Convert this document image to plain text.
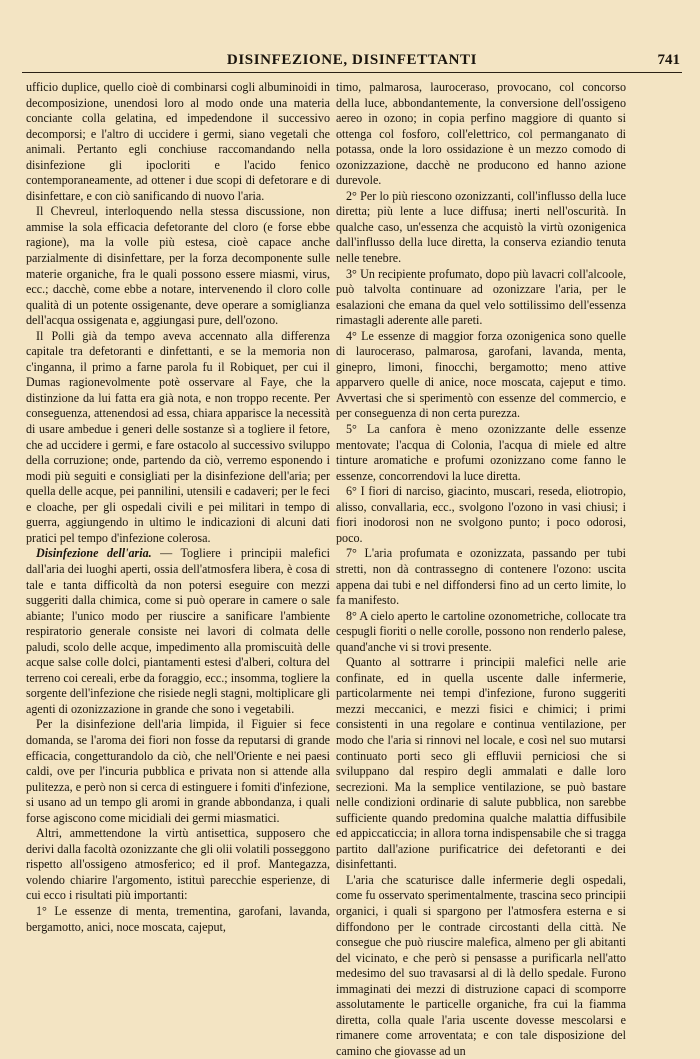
DISINFEZIONE, DISINFETTANTI	741

ufficio duplice, quello cioè di combinarsi cogli albuminoidi in decomposizione, unendosi loro al modo onde una materia conciante colla gelatina, ed impedendone il successivo decomporsi; e l'altro di uccidere i germi, siano vegetali che animali. Pertanto egli conchiuse raccomandando nella disinfezione gli ipocloriti e l'acido fenico contemporaneamente, ad ottener i due scopi di defetorare e di disinfettare, e con ciò sanificando di nuovo l'aria.

Il Chevreul, interloquendo nella stessa discussione, non ammise la sola efficacia defetorante del cloro (e forse ebbe ragione), ma la volle più estesa, cioè capace anche parzialmente di disinfettare, per la forza decomponente sulle materie organiche, fra le quali possono essere miasmi, virus, ecc.; dacchè, come ebbe a notare, intervenendo il cloro colle qualità di un potente ossigenante, deve operare a somiglianza dell'acqua ossigenata e, aggiungasi pure, dell'ozono.

Il Polli già da tempo aveva accennato alla differenza capitale tra defetoranti e dinfettanti, e se la memoria non c'inganna, il primo a farne parola fu il Robiquet, per cui il Dumas ragionevolmente potè osservare al Faye, che la distinzione da lui fatta era già nota, e non troppo recente. Per conseguenza, attenendosi ad essa, chiara apparisce la necessità di usare ambedue i generi delle sostanze sì a togliere il fetore, che ad uccidere i germi, e fare ostacolo al successivo sviluppo della corruzione; onde, partendo da ciò, verremo esponendo i modi più seguiti e consigliati per la disinfezione dell'aria; per quella delle acque, pei pannilini, utensili e cadaveri; per le feci e cloache, per gli ospedali civili e pei militari in tempo di guerra, aggiungendo in ultimo le indicazioni di alcuni dati pratici pel tempo d'infezione colerosa.

Disinfezione dell'aria. — Togliere i principii malefici dall'aria dei luoghi aperti, ossia dell'atmosfera libera, è cosa di tale e tanta difficoltà da non potersi eseguire con mezzi suggeriti dalla chimica, come si può operare in camere o sale abiante; l'unico modo per riuscire a sanificare l'ambiente respiratorio generale consiste nei lavori di colmata delle paludi, scolo delle acque, impedimento alla promiscuità delle acque salse colle dolci, piantamenti estesi d'alberi, coltura del terreno coi cereali, erbe da foraggio, ecc.; insomma, togliere la sorgente dell'infezione che risiede negli stagni, moltiplicare gli agenti di ozonizzazione in grande che sono i vegetabili.

Per la disinfezione dell'aria limpida, il Figuier si fece domanda, se l'aroma dei fiori non fosse da reputarsi di grande efficacia, congetturandolo da ciò, che nell'Oriente e nei paesi caldi, ove per l'incuria pubblica e privata non si attende alla pulitezza, e però non si cerca di estinguere i fomiti d'infezione, si usano ad un tempo gli aromi in grande abbondanza, i quali forse agiscono come micidiali dei germi miasmatici.

Altri, ammettendone la virtù antisettica, supposero che derivi dalla facoltà ozonizzante che gli olii volatili posseggono rispetto all'ossigeno atmosferico; ed il prof. Mantegazza, volendo chiarire l'argomento, istituì parecchie esperienze, di cui ecco i risultati più importanti:

1° Le essenze di menta, trementina, garofani, lavanda, bergamotto, anici, noce moscata, cajeput,

timo, palmarosa, lauroceraso, provocano, col concorso della luce, abbondantemente, la conversione dell'ossigeno aereo in ozono; in copia perfino maggiore di quanto si ottenga col fosforo, coll'elettrico, col permanganato di potassa, onde la loro ossidazione è un mezzo comodo di ozonizzazione, dacchè ne producono ed hanno azione durevole.

2° Per lo più riescono ozonizzanti, coll'influsso della luce diretta; più lente a luce diffusa; inerti nell'oscurità. In qualche caso, un'essenza che acquistò la virtù ozonigenica dall'influsso della luce diretta, la conserva eziandio tenuta nelle tenebre.

3° Un recipiente profumato, dopo più lavacri coll'alcoole, può talvolta continuare ad ozonizzare l'aria, per le esalazioni che emana da quel velo sottilissimo dell'essenza rimastagli aderente alle pareti.

4° Le essenze di maggior forza ozonigenica sono quelle di lauroceraso, palmarosa, garofani, lavanda, menta, ginepro, limoni, finocchi, bergamotto; meno attive apparvero quelle di anice, noce moscata, cajeput e timo. Avvertasi che si sperimentò con essenze del commercio, e per conseguenza di non certa purezza.

5° La canfora è meno ozonizzante delle essenze mentovate; l'acqua di Colonia, l'acqua di miele ed altre tinture aromatiche e profumi ozonizzano come fanno le essenze, concorrendovi la luce diretta.

6° I fiori di narciso, giacinto, muscari, reseda, eliotropio, alisso, convallaria, ecc., svolgono l'ozono in vasi chiusi; i fiori inodorosi non ne svolgono punto; i poco odorosi, poco.

7° L'aria profumata e ozonizzata, passando per tubi stretti, non dà contrassegno di contenere l'ozono: uscita appena dai tubi e nel diffondersi fino ad un certo limite, lo fa manifesto.

8° A cielo aperto le cartoline ozonometriche, collocate tra cespugli fioriti o nelle corolle, possono non renderlo palese, quand'anche vi si trovi presente.

Quanto al sottrarre i principii malefici nelle arie confinate, ed in quella uscente dalle infermerie, particolarmente nei tempi d'infezione, furono suggeriti mezzi meccanici, e mezzi fisici e chimici; i primi consistenti in una regolare e continua ventilazione, per modo che l'aria si rinnovi nel locale, e così nel suo mutarsi continuato porti seco gli effluvii perniciosi che si sviluppano dal respiro degli ammalati e dalle loro secrezioni. Ma la semplice ventilazione, se può bastare nelle condizioni ordinarie di salute pubblica, non sarebbe sufficiente quando predomina qualche malattia diffusibile ed appiccaticcia; in allora torna indispensabile che si tragga partito dall'azione purificatrice dei defetoranti e dei disinfettanti.

L'aria che scaturisce dalle infermerie degli ospedali, come fu osservato sperimentalmente, trascina seco principii organici, i quali si spargono per l'atmosfera esterna e si diffondono per le contrade circostanti della città. Ne consegue che può riuscire malefica, almeno per gli abitanti del vicinato, e che però si pensasse a purificarla nell'atto medesimo del suo travasarsi al di là dello spedale. Furono immaginati dei mezzi di distruzione capaci di scomporre assolutamente le particelle organiche, fra cui la fiamma diretta, colla quale l'aria uscente dovesse mescolarsi e rimanere come arroventata; e con tale disposizione del camino che giovasse ad un
